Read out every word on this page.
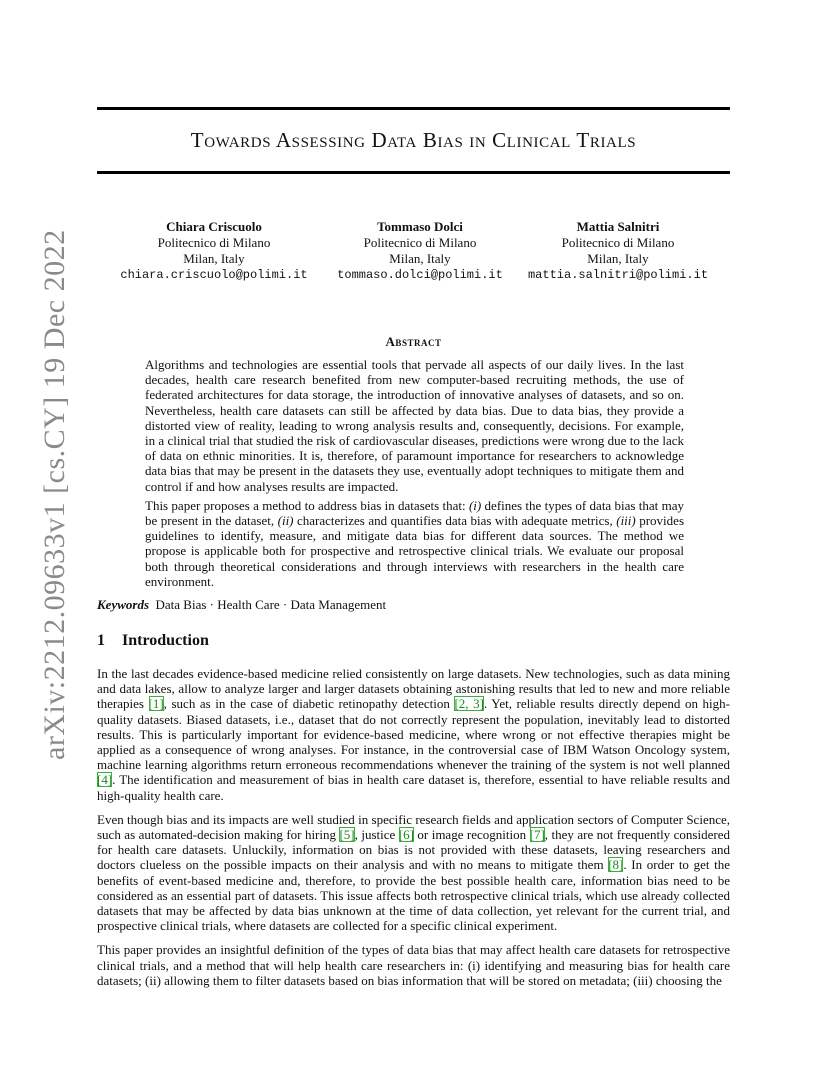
arXiv:2212.09633v1 [cs.CY] 19 Dec 2022
Towards Assessing Data Bias in Clinical Trials
Chiara Criscuolo
Politecnico di Milano
Milan, Italy
chiara.criscuolo@polimi.it
Tommaso Dolci
Politecnico di Milano
Milan, Italy
tommaso.dolci@polimi.it
Mattia Salnitri
Politecnico di Milano
Milan, Italy
mattia.salnitri@polimi.it
Abstract

Algorithms and technologies are essential tools that pervade all aspects of our daily lives. In the last decades, health care research benefited from new computer-based recruiting methods, the use of federated architectures for data storage, the introduction of innovative analyses of datasets, and so on. Nevertheless, health care datasets can still be affected by data bias. Due to data bias, they provide a distorted view of reality, leading to wrong analysis results and, consequently, decisions. For example, in a clinical trial that studied the risk of cardiovascular diseases, predictions were wrong due to the lack of data on ethnic minorities. It is, therefore, of paramount importance for researchers to acknowledge data bias that may be present in the datasets they use, eventually adopt techniques to mitigate them and control if and how analyses results are impacted.

This paper proposes a method to address bias in datasets that: (i) defines the types of data bias that may be present in the dataset, (ii) characterizes and quantifies data bias with adequate metrics, (iii) provides guidelines to identify, measure, and mitigate data bias for different data sources. The method we propose is applicable both for prospective and retrospective clinical trials. We evaluate our proposal both through theoretical considerations and through interviews with researchers in the health care environment.

Keywords Data Bias · Health Care · Data Management
1 Introduction

In the last decades evidence-based medicine relied consistently on large datasets. New technologies, such as data mining and data lakes, allow to analyze larger and larger datasets obtaining astonishing results that led to new and more reliable therapies [1], such as in the case of diabetic retinopathy detection [2, 3]. Yet, reliable results directly depend on high-quality datasets. Biased datasets, i.e., dataset that do not correctly represent the population, inevitably lead to distorted results. This is particularly important for evidence-based medicine, where wrong or not effective therapies might be applied as a consequence of wrong analyses. For instance, in the controversial case of IBM Watson Oncology system, machine learning algorithms return erroneous recommendations whenever the training of the system is not well planned [4]. The identification and measurement of bias in health care dataset is, therefore, essential to have reliable results and high-quality health care.

Even though bias and its impacts are well studied in specific research fields and application sectors of Computer Science, such as automated-decision making for hiring [5], justice [6] or image recognition [7], they are not frequently considered for health care datasets. Unluckily, information on bias is not provided with these datasets, leaving researchers and doctors clueless on the possible impacts on their analysis and with no means to mitigate them [8]. In order to get the benefits of event-based medicine and, therefore, to provide the best possible health care, information bias need to be considered as an essential part of datasets. This issue affects both retrospective clinical trials, which use already collected datasets that may be affected by data bias unknown at the time of data collection, yet relevant for the current trial, and prospective clinical trials, where datasets are collected for a specific clinical experiment.

This paper provides an insightful definition of the types of data bias that may affect health care datasets for retrospective clinical trials, and a method that will help health care researchers in: (i) identifying and measuring bias for health care datasets; (ii) allowing them to filter datasets based on bias information that will be stored on metadata; (iii) choosing the
